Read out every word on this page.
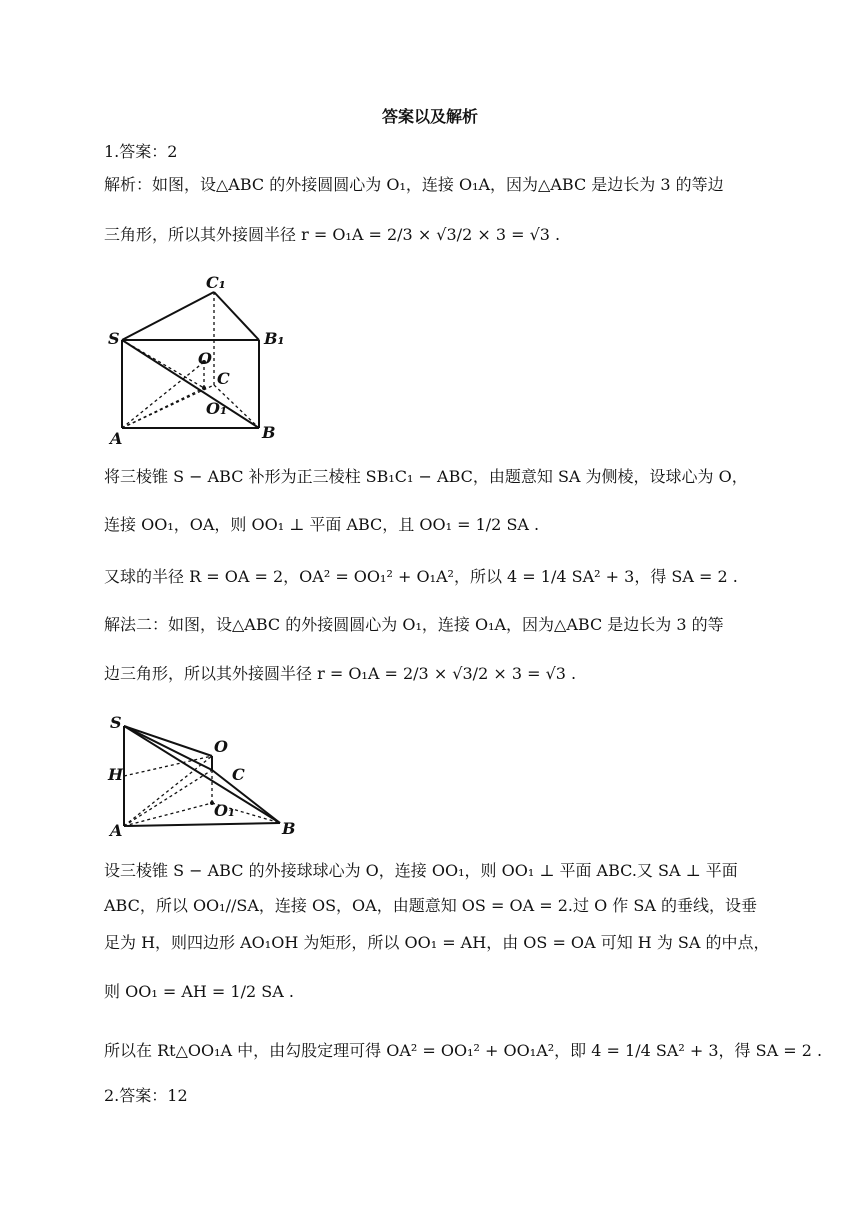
答案以及解析
1.答案：2
解析：如图，设△ABC 的外接圆圆心为 O₁，连接 O₁A，因为△ABC 是边长为 3 的等边
三角形，所以其外接圆半径 r = O₁A = 2/3 × √3/2 × 3 = √3 .
C₁
S	B₁
O
C
O₁
A	B
将三棱锥 S − ABC 补形为正三棱柱 SB₁C₁ − ABC，由题意知 SA 为侧棱，设球心为 O，
连接 OO₁，OA，则 OO₁ ⊥ 平面 ABC，且 OO₁ = 1/2 SA .
又球的半径 R = OA = 2，OA² = OO₁² + O₁A²，所以 4 = 1/4 SA² + 3，得 SA = 2 .
解法二：如图，设△ABC 的外接圆圆心为 O₁，连接 O₁A，因为△ABC 是边长为 3 的等
边三角形，所以其外接圆半径 r = O₁A = 2/3 × √3/2 × 3 = √3 .
S
O
H	C
O₁
A	B
设三棱锥 S − ABC 的外接球球心为 O，连接 OO₁，则 OO₁ ⊥ 平面 ABC.又 SA ⊥ 平面
ABC，所以 OO₁//SA，连接 OS，OA，由题意知 OS = OA = 2.过 O 作 SA 的垂线，设垂
足为 H，则四边形 AO₁OH 为矩形，所以 OO₁ = AH，由 OS = OA 可知 H 为 SA 的中点，
则 OO₁ = AH = 1/2 SA .
所以在 Rt△OO₁A 中，由勾股定理可得 OA² = OO₁² + OO₁A²，即 4 = 1/4 SA² + 3，得 SA = 2 .
2.答案：12
